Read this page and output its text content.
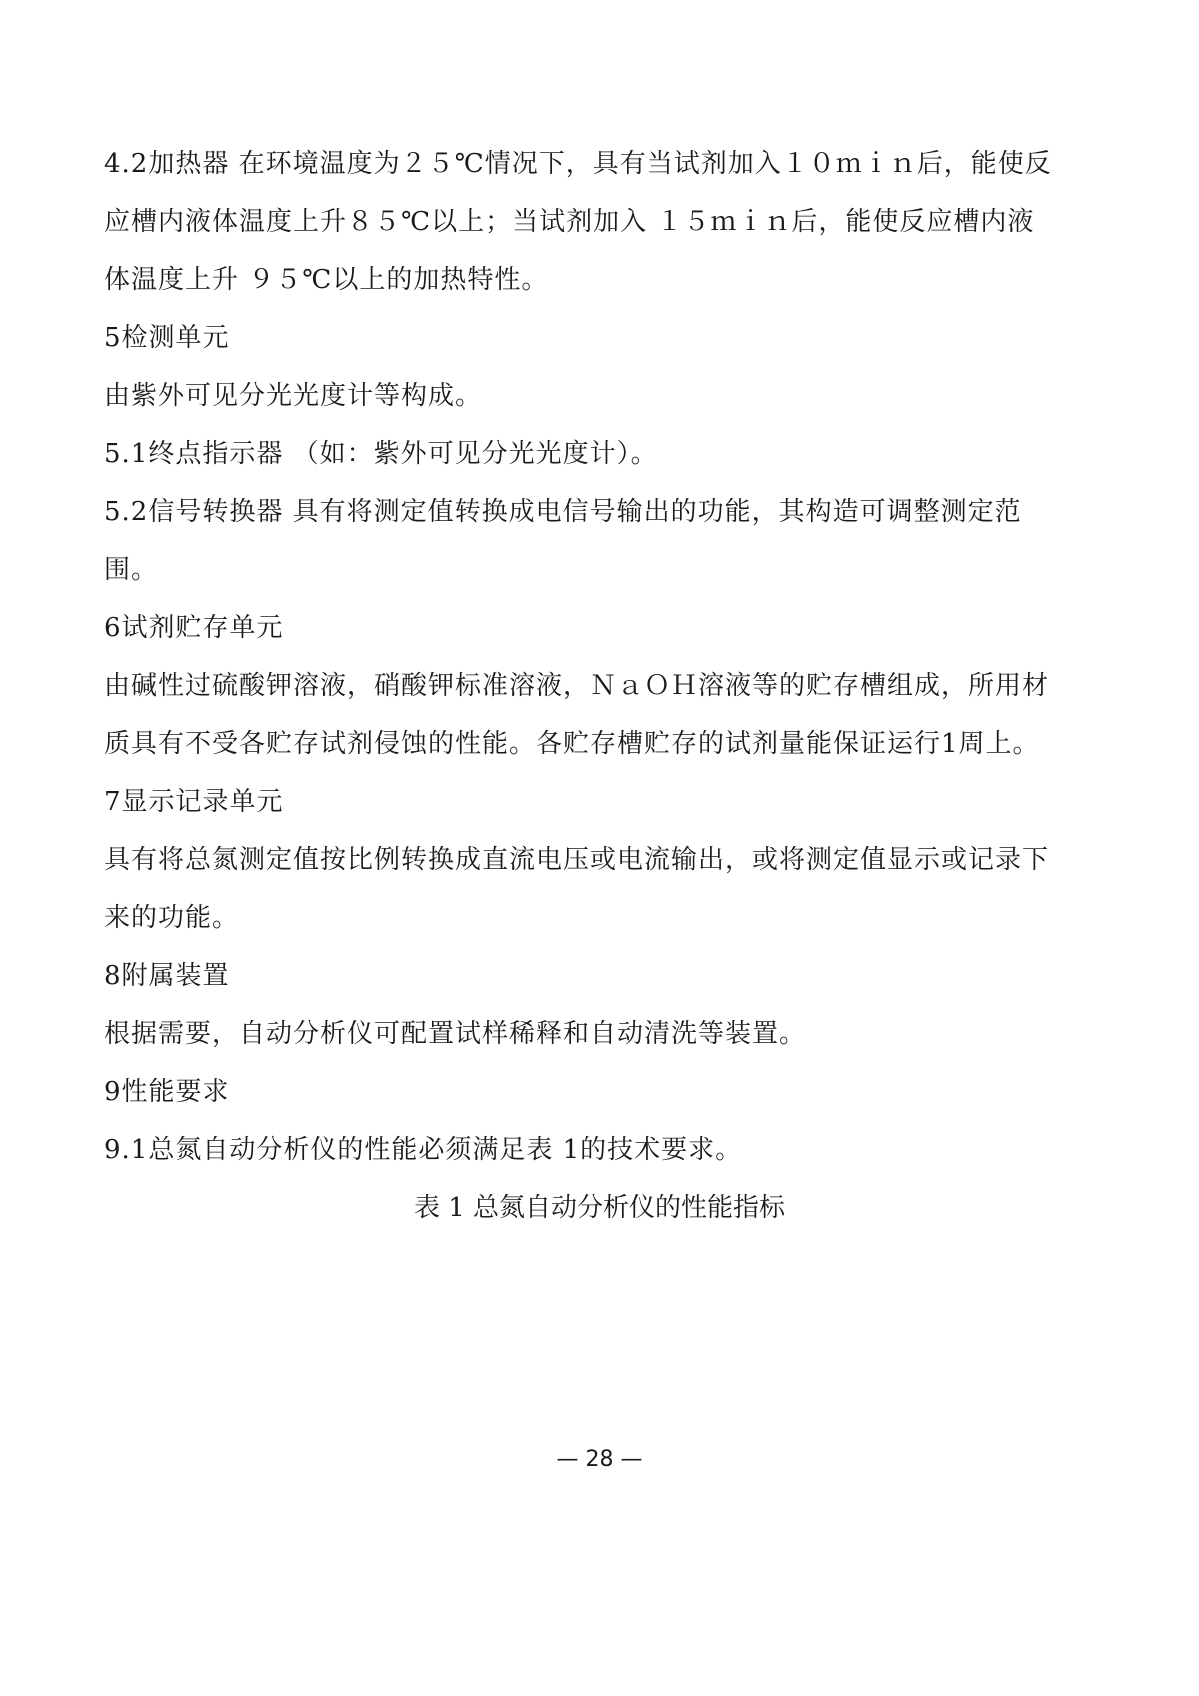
4.2加热器 在环境温度为２５℃情况下，具有当试剂加入１０ｍｉｎ后，能使反
应槽内液体温度上升８５℃以上；当试剂加入 １５ｍｉｎ后，能使反应槽内液
体温度上升 ９５℃以上的加热特性。
5检测单元
由紫外可见分光光度计等构成。
5.1终点指示器 （如：紫外可见分光光度计）。
5.2信号转换器 具有将测定值转换成电信号输出的功能，其构造可调整测定范
围。
6试剂贮存单元
由碱性过硫酸钾溶液，硝酸钾标准溶液，ＮａＯＨ溶液等的贮存槽组成，所用材
质具有不受各贮存试剂侵蚀的性能。各贮存槽贮存的试剂量能保证运行1周上。
7显示记录单元
具有将总氮测定值按比例转换成直流电压或电流输出，或将测定值显示或记录下
来的功能。
8附属装置
根据需要，自动分析仪可配置试样稀释和自动清洗等装置。
9性能要求
9.1总氮自动分析仪的性能必须满足表 1的技术要求。
表 1 总氮自动分析仪的性能指标
— 28 —
